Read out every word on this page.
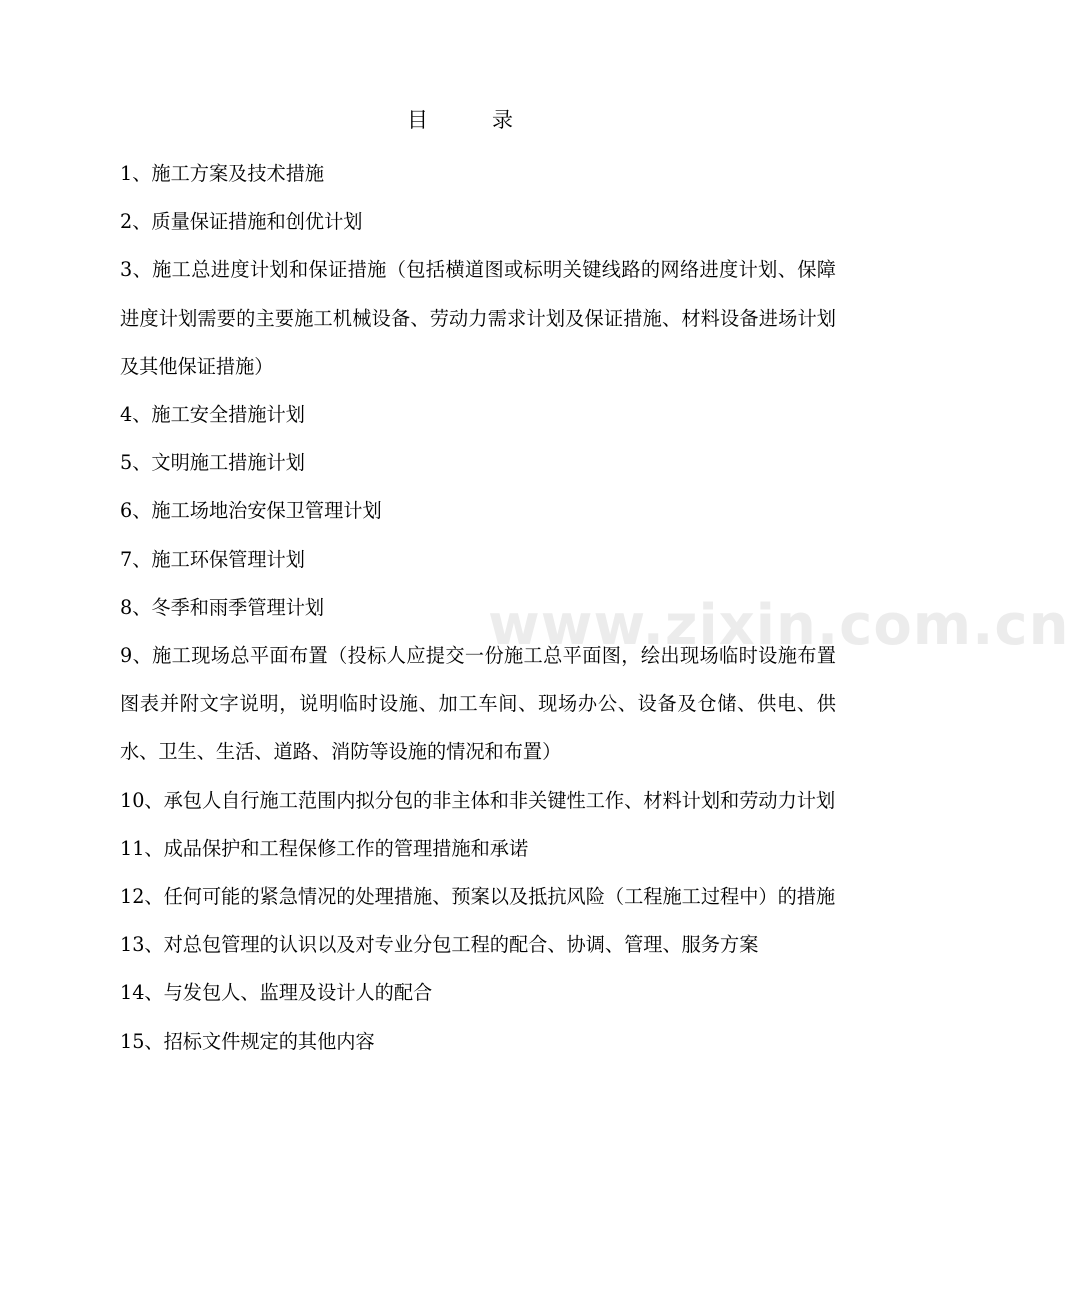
目	录

1、施工方案及技术措施

2、质量保证措施和创优计划

3、施工总进度计划和保证措施（包括横道图或标明关键线路的网络进度计划、保障进度计划需要的主要施工机械设备、劳动力需求计划及保证措施、材料设备进场计划及其他保证措施）

4、施工安全措施计划

5、文明施工措施计划

6、施工场地治安保卫管理计划

7、施工环保管理计划

8、冬季和雨季管理计划

9、施工现场总平面布置（投标人应提交一份施工总平面图，绘出现场临时设施布置图表并附文字说明，说明临时设施、加工车间、现场办公、设备及仓储、供电、供水、卫生、生活、道路、消防等设施的情况和布置）

10、承包人自行施工范围内拟分包的非主体和非关键性工作、材料计划和劳动力计划

11、成品保护和工程保修工作的管理措施和承诺

12、任何可能的紧急情况的处理措施、预案以及抵抗风险（工程施工过程中）的措施

13、对总包管理的认识以及对专业分包工程的配合、协调、管理、服务方案

14、与发包人、监理及设计人的配合

15、招标文件规定的其他内容

www.zixin.com.cn
